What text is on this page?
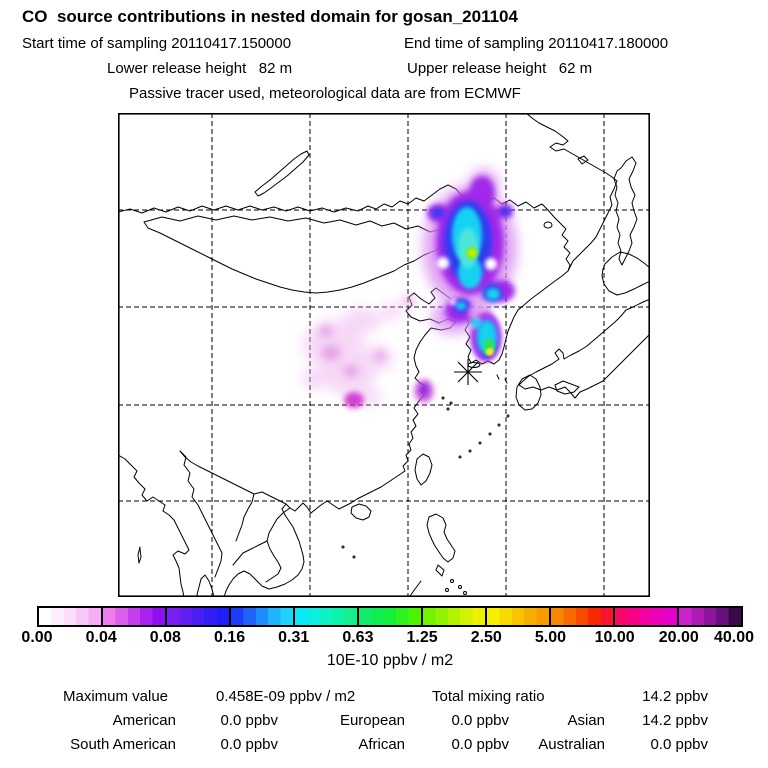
CO  source contributions in nested domain for gosan_201104
Start time of sampling 20110417.150000	End time of sampling 20110417.180000
Lower release height   82 m	Upper release height   62 m
Passive tracer used, meteorological data are from ECMWF
0.00	0.04	0.08	0.16	0.31	0.63	1.25	2.50	5.00	10.00	20.00 40.00
10E-10 ppbv / m2
Maximum value	0.458E-09 ppbv / m2	Total mixing ratio	14.2 ppbv
American	0.0 ppbv	European	0.0 ppbv	Asian	14.2 ppbv
South American	0.0 ppbv	African	0.0 ppbv	Australian	0.0 ppbv
